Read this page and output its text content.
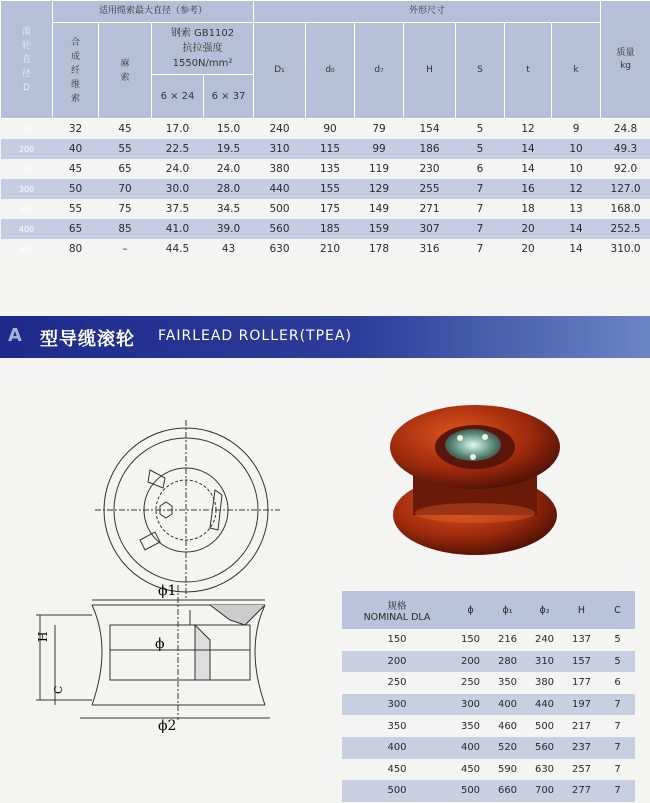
滚轮直径D	适用缆索最大直径（参考）				外形尺寸							质量
kg
	合成纤维索	麻索	钢索 GB1102
抗拉强度
1550N/mm²		D₁	d₀	d₇	H	S	t	k	
			6 × 24	6 × 37								
150	32	45	17.0	15.0	240	90	79	154	5	12	9	24.8
200	40	55	22.5	19.5	310	115	99	186	5	14	10	49.3
250	45	65	24.0	24.0	380	135	119	230	6	14	10	92.0
300	50	70	30.0	28.0	440	155	129	255	7	16	12	127.0
350	55	75	37.5	34.5	500	175	149	271	7	18	13	168.0
400	65	85	41.0	39.0	560	185	159	307	7	20	14	252.5
450	80	–	44.5	43	630	210	178	316	7	20	14	310.0
A 型导缆滚轮 FAIRLEAD ROLLER(TPEA)
ϕ1
ϕ
ϕ2
H
C
规格
NOMINAL DLA	ϕ	ϕ₁	ϕ₂	H	C
150	150	216	240	137	5
200	200	280	310	157	5
250	250	350	380	177	6
300	300	400	440	197	7
350	350	460	500	217	7
400	400	520	560	237	7
450	450	590	630	257	7
500	500	660	700	277	7
